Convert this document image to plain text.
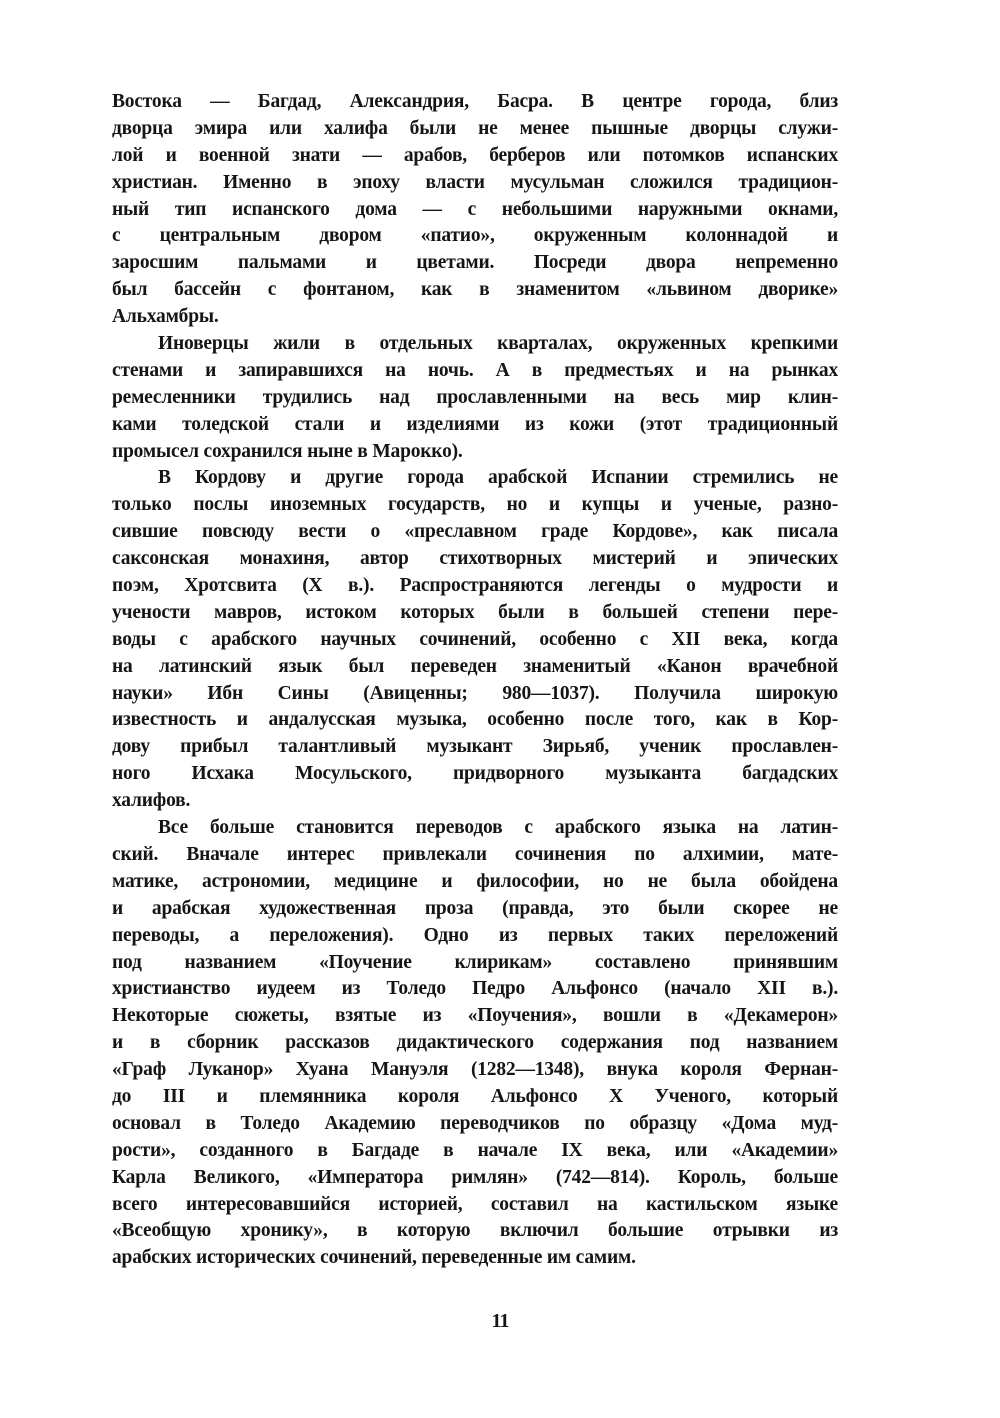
Востока — Багдад, Александрия, Басра. В центре города, близ
дворца эмира или халифа были не менее пышные дворцы служи-
лой и военной знати — арабов, берберов или потомков испанских
христиан. Именно в эпоху власти мусульман сложился традицион-
ный тип испанского дома — с небольшими наружными окнами,
с центральным двором «патио», окруженным колоннадой и
заросшим пальмами и цветами. Посреди двора непременно
был бассейн с фонтаном, как в знаменитом «львином дворике»
Альхамбры.
Иноверцы жили в отдельных кварталах, окруженных крепкими
стенами и запиравшихся на ночь. А в предместьях и на рынках
ремесленники трудились над прославленными на весь мир клин-
ками толедской стали и изделиями из кожи (этот традиционный
промысел сохранился ныне в Марокко).
В Кордову и другие города арабской Испании стремились не
только послы иноземных государств, но и купцы и ученые, разно-
сившие повсюду вести о «преславном граде Кордове», как писала
саксонская монахиня, автор стихотворных мистерий и эпических
поэм, Хротсвита (X в.). Распространяются легенды о мудрости и
учености мавров, истоком которых были в большей степени пере-
воды с арабского научных сочинений, особенно с XII века, когда
на латинский язык был переведен знаменитый «Канон врачебной
науки» Ибн Сины (Авиценны; 980—1037). Получила широкую
известность и андалусская музыка, особенно после того, как в Кор-
дову прибыл талантливый музыкант Зирьяб, ученик прославлен-
ного Исхака Мосульского, придворного музыканта багдадских
халифов.
Все больше становится переводов с арабского языка на латин-
ский. Вначале интерес привлекали сочинения по алхимии, мате-
матике, астрономии, медицине и философии, но не была обойдена
и арабская художественная проза (правда, это были скорее не
переводы, а переложения). Одно из первых таких переложений
под названием «Поучение клирикам» составлено принявшим
христианство иудеем из Толедо Педро Альфонсо (начало XII в.).
Некоторые сюжеты, взятые из «Поучения», вошли в «Декамерон»
и в сборник рассказов дидактического содержания под названием
«Граф Луканор» Хуана Мануэля (1282—1348), внука короля Фернан-
до III и племянника короля Альфонсо X Ученого, который
основал в Толедо Академию переводчиков по образцу «Дома муд-
рости», созданного в Багдаде в начале IX века, или «Академии»
Карла Великого, «Императора римлян» (742—814). Король, больше
всего интересовавшийся историей, составил на кастильском языке
«Всеобщую хронику», в которую включил большие отрывки из
арабских исторических сочинений, переведенные им самим.
11
